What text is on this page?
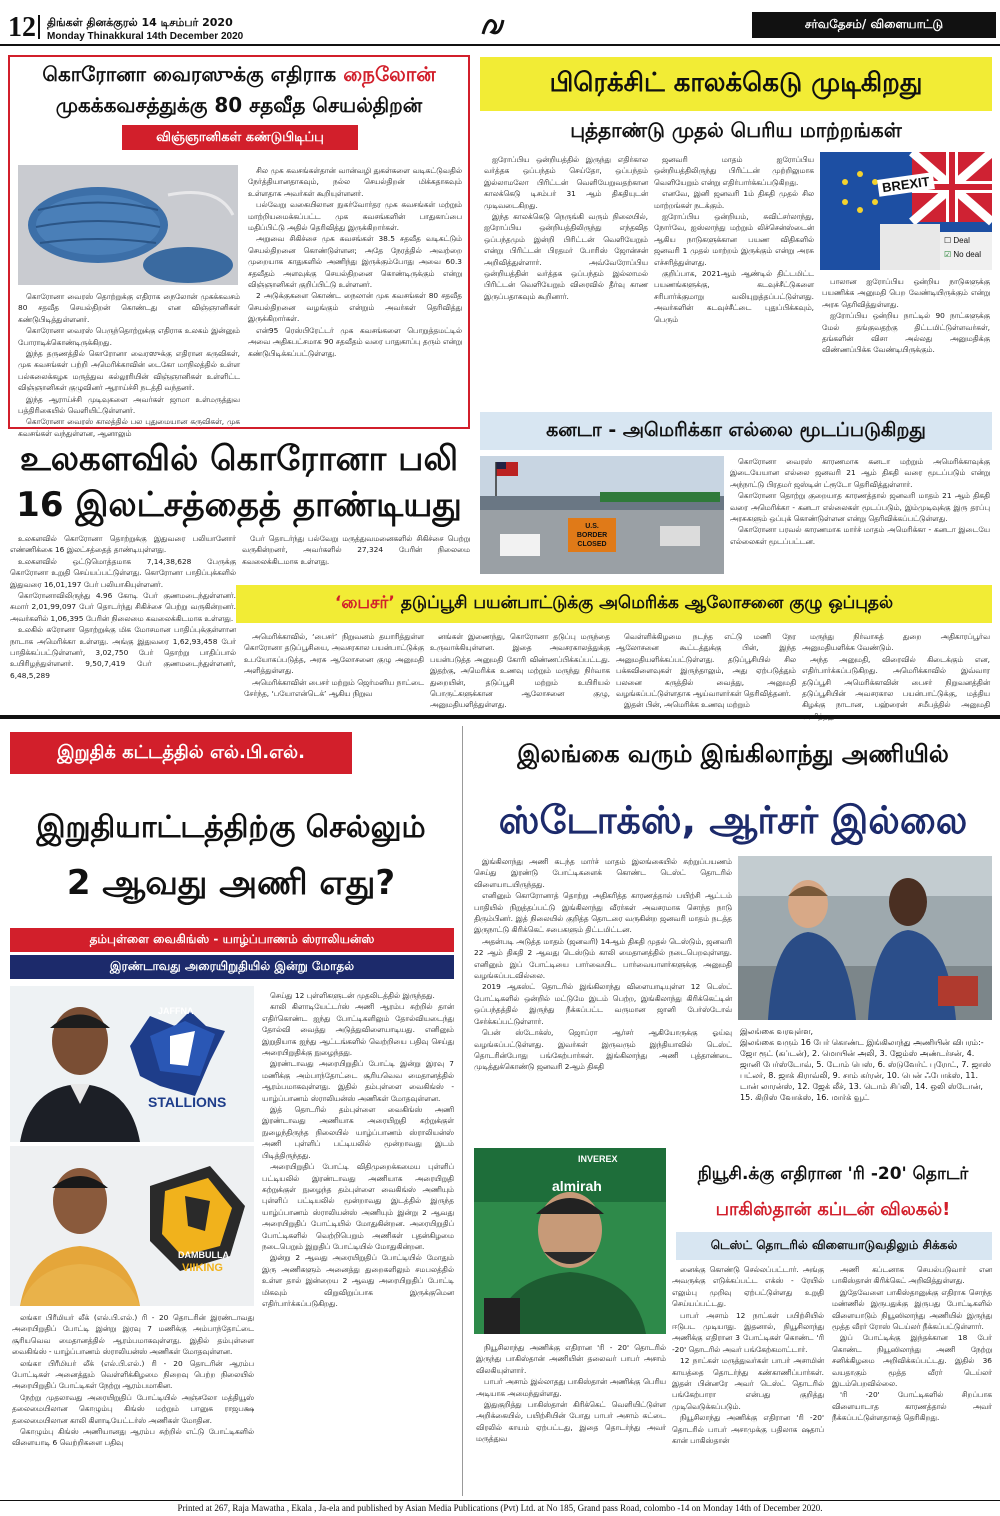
12 திங்கள் தினக்குரல் 14 டிசம்பர் 2020
Monday Thinakkural 14th December 2020
சர்வதேசம்/ விளையாட்டு
கொரோனா வைரஸுக்கு எதிராக நைலோன்
முகக்கவசத்துக்கு 80 சதவீத செயல்திறன்
விஞ்ஞானிகள் கண்டுபிடிப்பு

கொரோனா வைரஸ் தொற்றுக்கு எதிராக நைலோன் முகக்கவசம் 80 சதவீத செயல்திறன் கொண்டது என விஞ்ஞானிகள் கண்டுபிடித்துள்ளனர்.

கொரோனா வைரஸ் பெருந்தொற்றுக்கு எதிராக உலகம் இன்னும் போராடிக்கொண்டிருக்கிறது.

இந்த தருணத்தில் கொரோனா வைரஸுக்கு எதிரான கருவிகள், முக கவசங்கள் பற்றி அமெரிக்காவின் டைகோ மாநிலத்தில் உள்ள பல்கலைக்கழக மருத்துவ கல்லூரியின் விஞ்ஞானிகள் உள்ளிட்ட விஞ்ஞானிகள் குழுவினர் ஆராய்ச்சி நடத்தி வந்தனர்.

இந்த ஆராய்ச்சி முடிவுகளை அவர்கள் ஜாமா உள்மருத்துவ பத்திரிகையில் வெளியிட்டுள்ளனர்.

கொரோனா வைரஸ் காலத்தில் பல புதுமையான கருவிகள், முக கவசங்கள் வந்துள்ளன, ஆனாலும்

சில முக கவசங்கள்தான் வான்வழி துகள்களை வடிகட்டுவதில் நேர்த்தியானதாகவும், நல்ல செயல்திறன் மிக்கதாகவும் உள்ளதாக அவர்கள் கூறியுள்ளனர்.

பல்வேறு வகையிலான நுகர்வோர்தர முக கவசங்கள் மற்றும் மாற்றியமைக்கப்பட்ட முக கவசங்களின் பாதுகாப்பை மதிப்பிட்டு அதில் தெரிவித்து இருக்கிறார்கள்.

அறுவை சிகிச்சை முக கவசங்கள் 38.5 சதவீத வடிகட்டும் செயல்திறனை கொண்டுள்ளன; அதே நேரத்தில் அவற்றை முறையாக காதுகளில் அணிந்து இருக்கும்போது அவை 60.3 சதவீதம் அளவுக்கு செயல்திறனை கொண்டிருக்கும் என்று விஞ்ஞானிகள் குறிப்பிட்டு உள்ளனர்.

2 அடுக்குகளை கொண்ட நைலான் முக கவசங்கள் 80 சதவீத செயல்திறனை வழங்கும் என்றும் அவர்கள் தெரிவித்து இருக்கிறார்கள்.

என்95 ரெஸ்பிரேட்டர் முக கவசங்களை பொறுத்தமட்டில் அவை அதிகபட்சமாக 90 சதவீதம் வரை பாதுகாப்பு தரும் என்று கண்டுபிடிக்கப்பட்டுள்ளது.

பிரெக்சிட் காலக்கெடு முடிகிறது
புத்தாண்டு முதல் பெரிய மாற்றங்கள்

ஐரோப்பிய ஒன்றியத்தில் இருந்து எதிர்கால வர்த்தக ஒப்பந்தம் செய்தோ, ஒப்பந்தம் இல்லாமலோ பிரிட்டன் வெளியேறுவதற்கான காலக்கெடு டிசம்பர் 31 ஆம் திகதியுடன் முடிவடைகிறது.

இந்த காலக்கெடு நெருங்கி வரும் நிலையில், ஐரோப்பிய ஒன்றியத்திலிருந்து எந்தவித ஒப்பந்தமும் இன்றி பிரிட்டன் வெளியேறும் என்று பிரிட்டன் பிரதமர் போரிஸ் ஜோன்சன் அறிவித்துள்ளார். அவ்வேரோப்பிய ஒன்றியத்தின் வர்த்தக ஒப்பந்தம் இல்லாமல் பிரிட்டன் வெளியேறும் விரைவில் தீர்வு காண இருப்பதாகவும் கூறினார்.

ஜனவரி மாதம் ஐரோப்பிய ஒன்றியத்திலிருந்து பிரிட்டன் முற்றிலுமாக வெளியேறும் என்று எதிர்பார்க்கப்படுகிறது.

எனவே, இனி ஜனவரி 1ம் திகதி முதல் சில மாற்றங்கள் நடக்கும்.

ஐரோப்பிய ஒன்றியம், சுவிட்சர்லாந்து, நோர்வே, ஐஸ்லாந்து மற்றும் லிச்சென்ஸ்டைன் ஆகிய நாடுகளுக்கான பயண விதிகளில் ஜனவரி 1 முதல் மாற்றம் இருக்கும் என்று அரசு எச்சரித்துள்ளது.

குறிப்பாக, 2021ஆம் ஆண்டில் திட்டமிட்ட பயணங்களுக்கு, கடவுச்சீட்டுகளை சரிபார்க்குமாறு வலியுறுத்தப்பட்டுள்ளது. அவர்களின் கடவுச்சீட்டை புதுப்பிக்கவும், பெரும்

BREXIT
☐ Deal
☑ No deal

பாலான ஐரோப்பிய ஒன்றிய நாடுகளுக்கு பயணிக்க அனுமதி பெற வேண்டியிருக்கும் என்று அரசு தெரிவித்துள்ளது.

ஐரோப்பிய ஒன்றிய நாட்டில் 90 நாட்களுக்கு மேல் தங்குவதற்கு திட்டமிட்டுள்ளவர்கள், தங்களின் விசா அல்லது அனுமதிக்கு விண்ணப்பிக்க வேண்டியிருக்கும்.

கனடா - அமெரிக்கா எல்லை மூடப்படுகிறது
U.S. BORDER CLOSED

கொரோனா வைரஸ் காரணமாக கனடா மற்றும் அமெரிக்காவுக்கு இடையேயான எல்லை ஜனவரி 21 ஆம் திகதி வரை மூடப்படும் என்று அந்நாட்டு பிரதமர் ஜஸ்டின் ட்ரூடோ தெரிவித்துள்ளார்.

கொரோனா தொற்று குறையாத காரணத்தால் ஜனவரி மாதம் 21 ஆம் திகதி வரை அமெரிக்கா - கனடா எல்லைகள் மூடப்படும், இம்முடிவுக்கு இரு தரப்பு அரசுகளும் ஒப்புக் கொண்டுள்ளன என்று தெரிவிக்கப்பட்டுள்ளது.

கொரோனா பரவல் காரணமாக மார்ச் மாதம் அமெரிக்கா - கனடா இடையே எல்லைகள் மூடப்பட்டன.

உலகளவில் கொரோனா பலி
16 இலட்சத்தைத் தாண்டியது

உலகளவில் கொரோனா தொற்றுக்கு இதுவரை பலியானோர் எண்ணிக்கை 16 இலட்சத்தைத் தாண்டியுள்ளது.

உலகளவில் ஒட்டுமொத்தமாக 7,14,38,628 பேருக்கு கொரோனா உறுதி செய்யப்பட்டுள்ளது. கொரோனா பாதிப்புக்களில் இதுவரை 16,01,197 பேர் பலியாகியுள்ளனர்.

கொரோனாவிலிருந்து 4.96 கோடி பேர் குணமடைந்துள்ளனர். சுமார் 2,01,99,097 பேர் தொடர்ந்து சிகிச்சை பெற்று வருகின்றனர். அவர்களில் 1,06,395 பேரின் நிலைமை கவலைக்கிடமாக உள்ளது.

உலகில் கரோனா தொற்றுக்கு மிக மோசமான பாதிப்புக்குள்ளான நாடாக அமெரிக்கா உள்ளது. அங்கு இதுவரை 1,62,93,458 பேர் பாதிக்கப்பட்டுள்ளனர், 3,02,750 பேர் தொற்று பாதிப்பால் உயிரிழந்துள்ளனர். 9,50,7,419 பேர் குணமடைந்துள்ளனர், 6,48,5,289

பேர் தொடர்ந்து பல்வேறு மருத்துவமனைகளில் சிகிச்சை பெற்று வருகின்றனர், அவர்களில் 27,324 பேரின் நிலைமை கவலைக்கிடமாக உள்ளது.

‘பைசர்’ தடுப்பூசி பயன்பாட்டுக்கு அமெரிக்க ஆலோசனை குழு ஒப்புதல்

அமெரிக்காவில், ‘பைசர்’ நிறுவனம் தயாரித்துள்ள கொரோனா தடுப்பூசியை, அவசரகால பயன்பாட்டுக்கு உபயோகப்படுத்த, அரசு ஆலோசனை குழு அனுமதி அளித்துள்ளது.

அமெரிக்காவின் பைசர் மற்றும் ஜெர்மனிய நாட்டை சேர்ந்த, ‘பயோஎன்டெக்’ ஆகிய நிறுவ

னங்கள் இணைந்து, கொரோனா தடுப்பு மருந்தை உருவாக்கியுள்ளன. இதை அவசரகாலத்துக்கு பயன்படுத்த அனுமதி கோரி விண்ணப்பிக்கப்பட்டது. இதற்கு, அமெரிக்க உணவு மற்றும் மருந்து நிர்வாக துறையின், தடுப்பூசி மற்றும் உயிரியல் பொருட்களுக்கான ஆலோசனை குழு, அனுமதியளித்துள்ளது.

வெள்ளிக்கிழமை நடந்த எட்டு மணி நேர ஆலோசனை கூட்டத்துக்கு பின், இந்த அனுமதியளிக்கப்பட்டுள்ளது. தடுப்பூசியில் சில பக்கவிளைவுகள் இருந்தாலும், அது ஏற்படுத்தும் பலனை கருத்தில் வைத்து, அனுமதி வழங்கப்பட்டுள்ளதாக ஆய்வாளர்கள் தெரிவித்தனர்.

இதன் பின், அமெரிக்க உணவு மற்றும்

மருந்து நிர்வாகத் துறை அதிகாரப்பூர்வ அனுமதியளிக்க வேண்டும்.

அந்த அனுமதி, விரைவில் கிடைக்கும் என, எதிர்பார்க்கப்படுகிறது. அமெரிக்காவில் இவ்வார தடுப்பூசி அமெரிக்காவின் பைசர் நிறுவனத்தின் தடுப்பூசியின் அவசரகால பயன்பாட்டுக்கு, மத்திய கிழக்கு நாடான, பஹ்ரைன் சமீபத்தில் அனுமதி

இறுதிக் கட்டத்தில் எல்.பி.எல்.
இறுதியாட்டத்திற்கு செல்லும்
2 ஆவது அணி எது?
தம்புள்ளை வைகிங்ஸ் - யாழ்ப்பாணம் ஸ்ராலியன்ஸ்
இரண்டாவது அரையிறுதியில் இன்று மோதல்
JAFFNA
STALLIONS
DAMBULLA
VIIKING

லங்கா பிரீமியர் லீக் (எல்.பி.எல்.) ரி - 20 தொடரின் இரண்டாவது அரையிறுதிப் போட்டி இன்று இரவு 7 மணிக்கு அம்பாந்தோட்டை சூரியவெவ மைதானத்தில் ஆரம்பமாகவுள்ளது. இதில் தம்புள்ளை வைகிங்ஸ் - யாழ்ப்பாணம் ஸ்ராலியன்ஸ் அணிகள் மோதவுள்ளன.

லங்கா பிரீமியர் லீக் (எல்.பி.எல்.) ரி - 20 தொடரின் ஆரம்ப போட்டிகள் அனைத்தும் வெள்ளிக்கிழமை நிறைவு பெற்ற நிலையில் அரையிறுதிப் போட்டிகள் நேற்று ஆரம்பமாகின.

நேற்று முதலாவது அரையிறுதிப் போட்டியில் அஞ்சலோ மத்தியூஸ் தலைமையிலான கொழும்பு கிங்ஸ் மற்றும் பானுக ராஜபக்ஷ தலைமையிலான காலி கிளாடியேட்டர்ஸ் அணிகள் மோதின.

கொழும்பு கிங்ஸ் அணியானது ஆரம்ப சுற்றில் எட்டு போட்டிகளில் விளையாடி 6 வெற்றிகளை பதிவு

செய்து 12 புள்ளிகளுடன் முதலிடத்தில் இருந்தது.

காலி கிளாடியேட்டர்ஸ் அணி ஆரம்ப சுற்றில் தான் எதிர்கொண்ட ஐந்து போட்டிகளிலும் தோல்வியடைந்து தோல்வி வைத்து அடுத்துவிளையாடியது. எனினும் இறுதியாக ஐந்து ஆட்டங்களில் வெற்றியை பதிவு செய்து அரையிறுதிக்கு நுழைந்தது.

இரண்டாவது அரையிறுதிப் போட்டி இன்று இரவு 7 மணிக்கு அம்பாந்தோட்டை சூரியவெவ மைதானத்தில் ஆரம்பமாகவுள்ளது. இதில் தம்புள்ளை வைகிங்ஸ் - யாழ்ப்பாணம் ஸ்ராலியன்ஸ் அணிகள் மோதவுள்ளன.

இத் தொடரில் தம்புள்ளை வைகிங்ஸ் அணி இரண்டாவது அணியாக அரையிறுதி சுற்றுக்குள் நுழைந்திருந்த நிலையில் யாழ்ப்பாணம் ஸ்ராலியன்ஸ் அணி புள்ளிப் பட்டியலில் மூன்றாவது இடம் பிடித்திருந்தது.

அரையிறுதிப் போட்டி விதிமுறைக்கமைய புள்ளிப் பட்டியலில் இரண்டாவது அணியாக அரையிறுதி சுற்றுக்குள் நுழைந்த தம்புள்ளை வைகிங்ஸ் அணியும் புள்ளிப் பட்டியலில் மூன்றாவது இடத்தில் இருந்த யாழ்ப்பாணம் ஸ்ராலியன்ஸ் அணியும் இன்று 2 ஆவது அரையிறுதிப் போட்டியில் மோதுகின்றன. அரையிறுதிப் போட்டிகளில் வெற்றிபெறும் அணிகள் புதன்கிழமை நடைபெறும் இறுதிப் போட்டியில் மோதுகின்றன.

இன்று 2 ஆவது அரையிறுதிப் போட்டியில் மோதும் இரு அணிகளும் அனைத்து துறைகளிலும் சமபலத்தில் உள்ள தால் இன்றைய 2 ஆவது அரையிறுதிப் போட்டி மிகவும் விறுவிறுப்பாக இருக்குமென எதிர்பார்க்கப்படுகிறது.

இலங்கை வரும் இங்கிலாந்து அணியில்
ஸ்டோக்ஸ், ஆர்சர் இல்லை

இங்கிலாந்து அணி கடந்த மார்ச் மாதம் இலங்கையில் சுற்றுப்பயணம் செய்து இரண்டு போட்டிகளைக் கொண்ட டெஸ்ட் தொடரில் விளையாடயிருந்தது.

எனினும் கொரோனாத் தொற்று அதிகரித்த காரணத்தால் பயிற்சி ஆட்டம் பாதியில் நிறுத்தப்பட்டு இங்கிலாந்து வீரர்கள் அவசரமாக சொந்த நாடு திரும்பினர். இத் நிலையில் குறித்த தொடரை வருகின்ற ஜனவரி மாதம் நடத்த இருநாட்டு கிரிக்கெட் சபைகளும் திட்டமிட்டன.

அதன்படி அடுத்த மாதம் (ஜனவரி) 14ஆம் திகதி முதல் டெஸ்டும், ஜனவரி 22 ஆம் திகதி 2 ஆவது டெஸ்டும் காலி மைதானத்தில் நடைபெறவுள்ளது. எனினும் இப் போட்டியை பார்வையிட பார்வையாளர்களுக்கு அனுமதி வழங்கப்படவில்லை.

2019 ஆகஸ்ட் தொடரில் இங்கிலாந்து விளையாடியுள்ள 12 டெஸ்ட் போட்டிகளில் ஒன்றில் மட்டுமே இடம் பெற்ற, இங்கிலாந்து கிரிக்கெட்டின் ஒப்பந்தத்தில் இருந்து நீக்கப்பட்ட வருமான ஜானி பேர்ஸ்டோவ் சேர்க்கப்பட்டுள்ளார்.

பென் ஸ்டோக்ஸ், ஜொப்ரா ஆர்சர் ஆகியோருக்கு ஓய்வு வழங்கப்பட்டுள்ளது. இவர்கள் இருவரும் இந்தியாவில் டெஸ்ட் தொடரின்போது பங்கேற்பார்கள். இங்கிலாந்து அணி புத்தாண்டை முடித்துக்கொண்டு ஜனவரி 2ஆம் திகதி

இலங்கை வரவுள்ள,
இலங்கை வரும் 16 பேர் கொண்ட இங்கிலாந்து அணியின் விபரம்:-
ஜோ ரூட் (கப்டன்), 2. மொயின் அலி, 3. ஜேம்ஸ் அண்டர்சன், 4. ஜானி பேர்ஸ்டோவ், 5. டோம் பெஸ், 6. ஸ்டுவேர்ட் புரோட், 7. ஜாஸ் பட்லர், 8. ஜாக் கிராவ்லி, 9. சாம் கர்ரன், 10. பென் ஃபோக்ஸ், 11. டான் லாரன்ஸ், 12. ஜேக் லீச், 13. டொம் சிப்லி, 14. ஒலி ஸ்டோன், 15. கிறிஸ் வோக்ஸ், 16. மார்க் வூட்
INVEREX
almirah
நியூசி.க்கு எதிரான 'ரி -20' தொடர்
பாகிஸ்தான் கப்டன் விலகல்!
டெஸ்ட் தொடரில் விளையாடுவதிலும் சிக்கல்

நியூசிலாந்து அணிக்கு எதிரான 'ரி - 20' தொடரில் இருந்து பாகிஸ்தான் அணியின் தலைவர் பாபர் அசாம் விலகியுள்ளார்.

பாபர் அசாம் இல்லாதது பாகிஸ்தான் அணிக்கு பெரிய அடியாக அமைந்துள்ளது.

இதுகுறித்து பாகிஸ்தான் கிரிக்கெட் வெளியிட்டுள்ள அறிக்கையில், பயிற்சியின் போது பாபர் அசாம் கட்டை விரலில் காயம் ஏற்பட்டது, இதை தொடர்ந்து அவர் மருத்துவ

னைக்கு கொண்டு செல்லப்பட்டார். அங்கு அவருக்கு எடுக்கப்பட்ட எக்ஸ் - ரேயில் எலும்பு முறிவு ஏற்பட்டுள்ளது உறுதி செய்யப்பட்டது.

பாபர் அசாம் 12 நாட்கள் பயிற்சியில் ஈடுபட முடியாது. இதனால், நியூசிலாந்து அணிக்கு எதிரான 3 போட்டிகள் கொண்ட 'ரி -20' தொடரில் அவர் பங்கேற்கமாட்டார்.

12 நாட்கள் மருத்துவர்கள் பாபர் அசாமின் காயத்தை தொடர்ந்து கண்காணிப்பார்கள். இதன் பின்னரே அவர் டெஸ்ட் தொடரில் பங்கேற்பாரா என்பது குறித்து முடிவெடுக்கப்படும்.

நியூசிலாந்து அணிக்கு எதிரான 'ரி -20' தொடரில் பாபர் அசாமுக்கு பதிலாக ஷதாப் கான் பாகிஸ்தான்

அணி கப்டனாக செயல்படுவார் என பாகிஸ்தான் கிரிக்கெட் அறிவித்துள்ளது.

இதேவேளை பாகிஸ்தானுக்கு எதிராக சொந்த மண்ணில் இருபதுக்கு இருபது போட்டிகளில் விளையாடும் நியூஸிலாந்து அணியில் இருந்து மூத்த வீரர் ரோஸ் டெய்லர் நீக்கப்பட்டுள்ளார்.

இப் போட்டிக்கு இந்தக்கான 18 பேர் கொண்ட நியூஸிலாந்து அணி நேற்று சனிக்கிழமை அறிவிக்கப்பட்டது. இதில் 36 வயதாகும் மூத்த வீரர் டெய்லர் இடம்பெறவில்லை.

'ரி -20' போட்டிகளில் சிறப்பாக விளையாடாத காரணத்தால் அவர் நீக்கப்பட்டுள்ளதாகத் தெரிகிறது.

Printed at 267, Raja Mawatha , Ekala , Ja-ela and published by Asian Media Publications (Pvt) Ltd. at No 185, Grand pass Road, colombo -14 on Monday 14th of December 2020.
